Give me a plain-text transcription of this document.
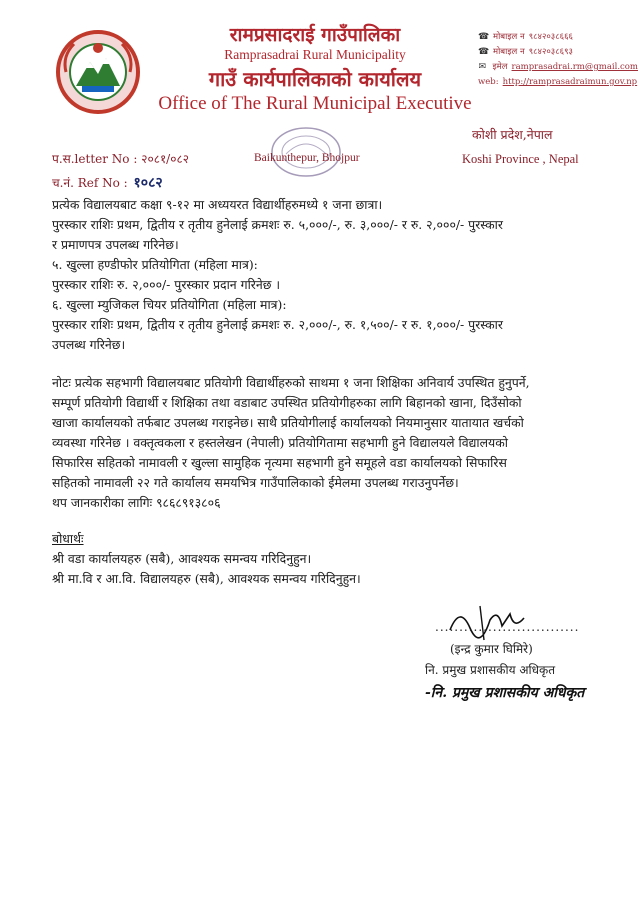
रामप्रसादराई गाउँपालिका
Ramprasadrai Rural Municipality
गाउँ कार्यपालिकाको कार्यालय
Office of The Rural Municipal Executive
☎ मोबाइल न ९८४२०३८६६६
☎ मोबाइल न ९८४२०३८६९३
✉ इमेल ramprasadrai.rm@gmail.com
web: http://ramprasadraimun.gov.np
Baikunthepur, Bhojpur
कोशी प्रदेश,नेपाल
Koshi Province , Nepal
प.स.letter No : २०८१/०८२
च.नं. Ref No : १०८२

प्रत्येक विद्यालयबाट कक्षा ९-१२ मा अध्ययरत विद्यार्थीहरुमध्ये १ जना छात्रा।

पुरस्कार राशिः प्रथम, द्वितीय र तृतीय हुनेलाई क्रमशः रु. ५,०००/-, रु. ३,०००/- र रु. २,०००/- पुरस्कार

र प्रमाणपत्र उपलब्ध गरिनेछ।

५. खुल्ला हण्डीफोर प्रतियोगिता (महिला मात्र):

पुरस्कार राशिः रु. २,०००/- पुरस्कार प्रदान गरिनेछ ।

६. खुल्ला म्युजिकल चियर प्रतियोगिता (महिला मात्र):

पुरस्कार राशिः प्रथम, द्वितीय र तृतीय हुनेलाई क्रमशः रु. २,०००/-, रु. १,५००/- र रु. १,०००/- पुरस्कार

उपलब्ध गरिनेछ।

नोटः प्रत्येक सहभागी विद्यालयबाट प्रतियोगी विद्यार्थीहरुको साथमा १ जना शिक्षिका अनिवार्य उपस्थित हुनुपर्ने,

सम्पूर्ण प्रतियोगी विद्यार्थी र शिक्षिका तथा वडाबाट उपस्थित प्रतियोगीहरुका लागि बिहानको खाना, दिउँसोको

खाजा कार्यालयको तर्फबाट उपलब्ध गराइनेछ। साथै प्रतियोगीलाई कार्यालयको नियमानुसार यातायात खर्चको

व्यवस्था गरिनेछ । वक्तृत्वकला र हस्तलेखन (नेपाली) प्रतियोगितामा सहभागी हुने विद्यालयले विद्यालयको

सिफारिस सहितको नामावली र खुल्ला सामुहिक नृत्यमा सहभागी हुने समूहले वडा कार्यालयको सिफारिस

सहितको नामावली २२ गते कार्यालय समयभित्र गाउँपालिकाको ईमेलमा उपलब्ध गराउनुपर्नेछ।

थप जानकारीका लागिः ९८६८९१३८०६

बोधार्थः

श्री वडा कार्यालयहरु (सबै), आवश्यक समन्वय गरिदिनुहुन।

श्री मा.वि र आ.वि. विद्यालयहरु (सबै), आवश्यक समन्वय गरिदिनुहुन।

..............................
(इन्द्र कुमार घिमिरे)
नि. प्रमुख प्रशासकीय अधिकृत
-नि. प्रमुख प्रशासकीय अधिकृत
